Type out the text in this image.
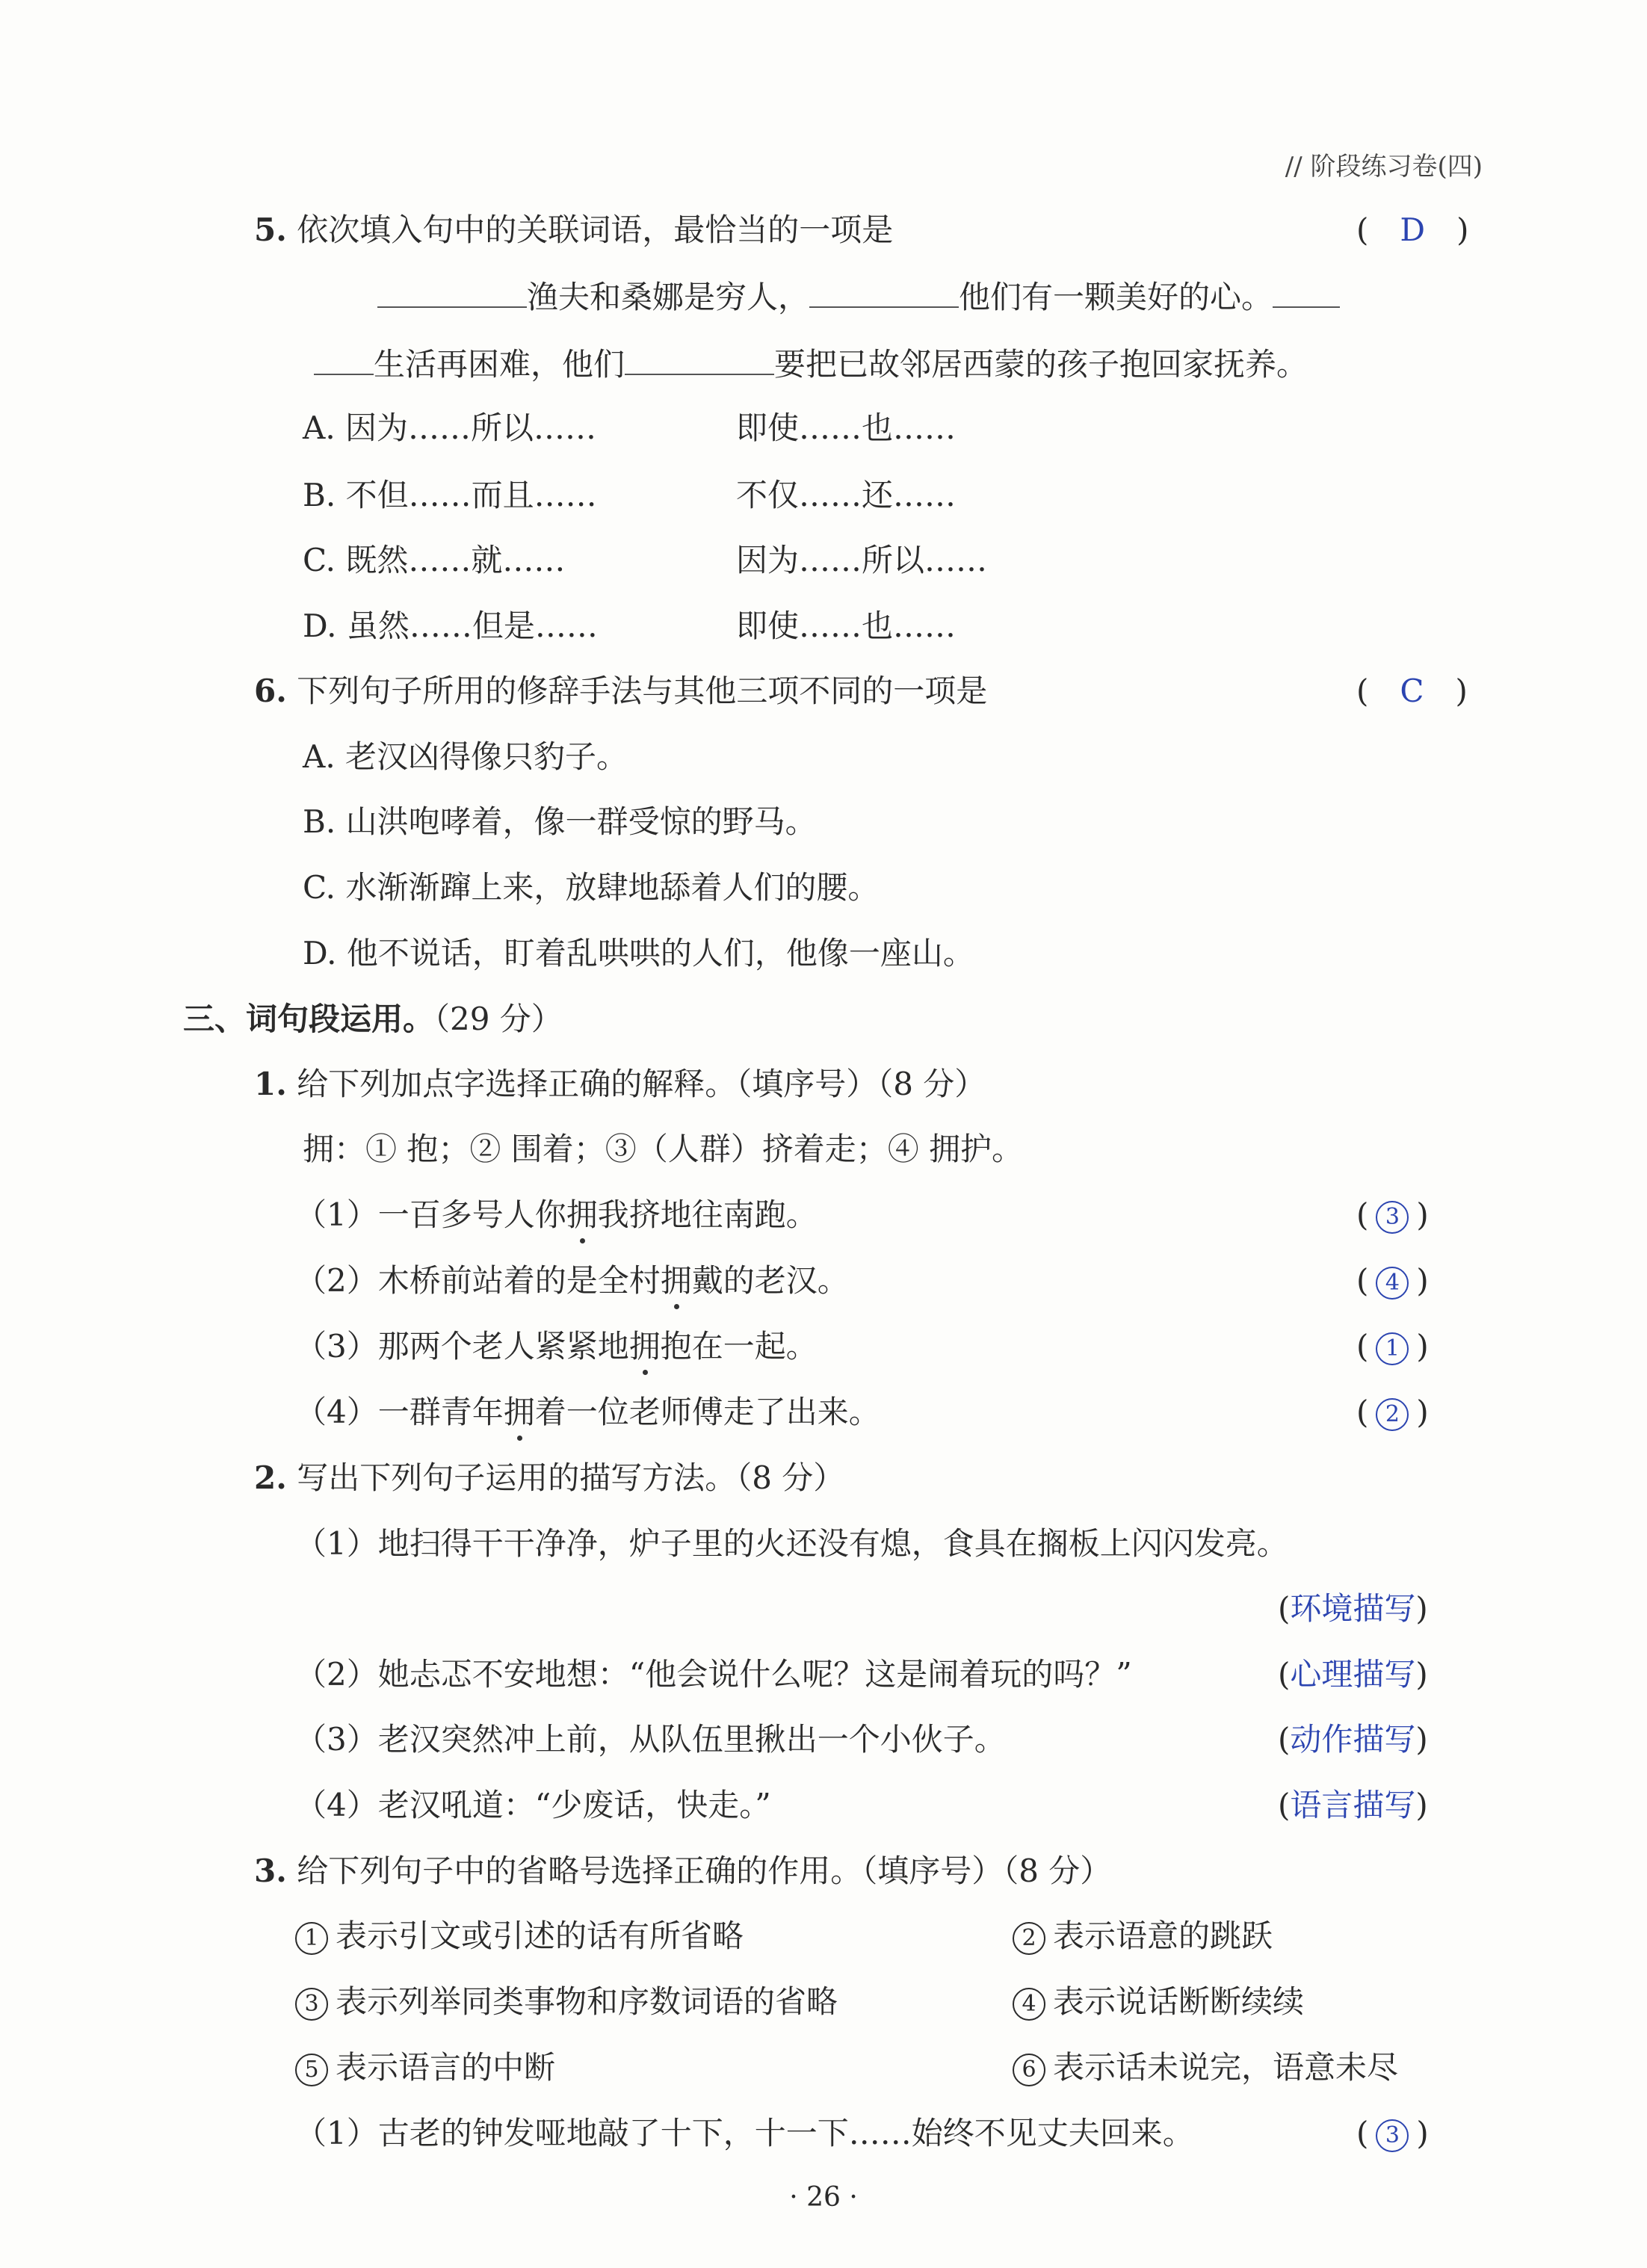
// 阶段练习卷(四)
5. 依次填入句中的关联词语，最恰当的一项是	(　D　)
渔夫和桑娜是穷人，	他们有一颗美好的心。
生活再困难，他们	要把已故邻居西蒙的孩子抱回家抚养。
A. 因为……所以……	即使……也……
B. 不但……而且……	不仅……还……
C. 既然……就……	因为……所以……
D. 虽然……但是……	即使……也……
6. 下列句子所用的修辞手法与其他三项不同的一项是	(　C　)
A. 老汉凶得像只豹子。
B. 山洪咆哮着，像一群受惊的野马。
C. 水渐渐蹿上来，放肆地舔着人们的腰。
D. 他不说话，盯着乱哄哄的人们，他像一座山。
三、词句段运用。（29 分）
1. 给下列加点字选择正确的解释。（填序号）（8 分）
拥：① 抱；② 围着；③（人群）挤着走；④ 拥护。
（1）一百多号人你拥我挤地往南跑。	( 3 )
（2）木桥前站着的是全村拥戴的老汉。	( 4 )
（3）那两个老人紧紧地拥抱在一起。	( 1 )
（4）一群青年拥着一位老师傅走了出来。	( 2 )
2. 写出下列句子运用的描写方法。（8 分）
（1）地扫得干干净净，炉子里的火还没有熄，食具在搁板上闪闪发亮。
(环境描写)
（2）她忐忑不安地想：“他会说什么呢？这是闹着玩的吗？”	(心理描写)
（3）老汉突然冲上前，从队伍里揪出一个小伙子。	(动作描写)
（4）老汉吼道：“少废话，快走。”	(语言描写)
3. 给下列句子中的省略号选择正确的作用。（填序号）（8 分）
1 表示引文或引述的话有所省略	2 表示语意的跳跃
3 表示列举同类事物和序数词语的省略	4 表示说话断断续续
5 表示语言的中断	6 表示话未说完，语意未尽
（1）古老的钟发哑地敲了十下，十一下……始终不见丈夫回来。	( 3 )
· 26 ·
